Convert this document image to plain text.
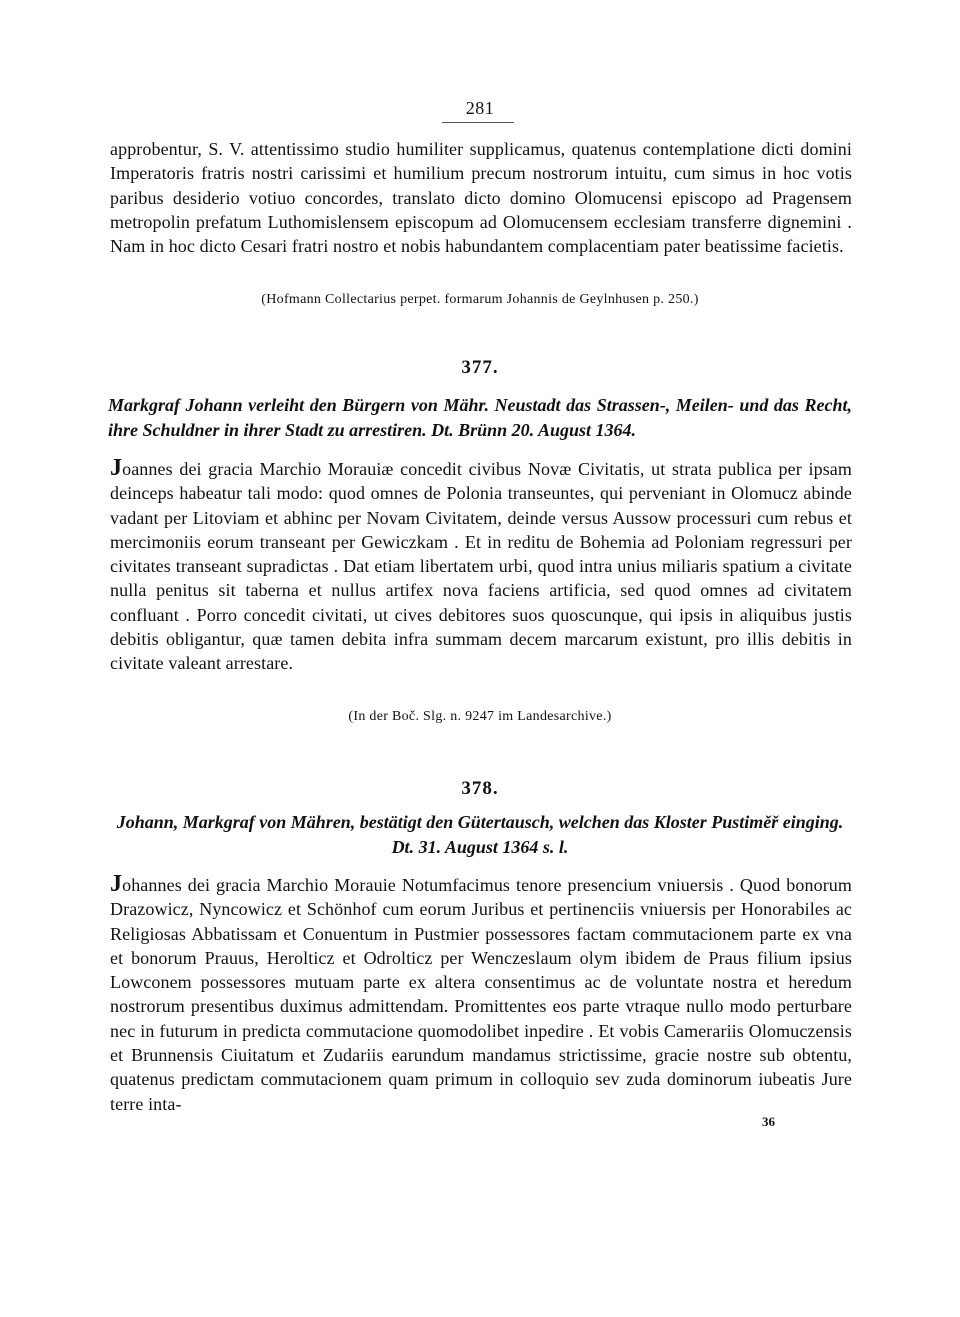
281

approbentur, S. V. attentissimo studio humiliter supplicamus, quatenus contemplatione dicti domini Imperatoris fratris nostri carissimi et humilium precum nostrorum intuitu, cum simus in hoc votis paribus desiderio votiuo concordes, translato dicto domino Olomucensi episcopo ad Pragensem metropolin prefatum Luthomislensem episcopum ad Olomucensem ecclesiam transferre dignemini . Nam in hoc dicto Cesari fratri nostro et nobis habundantem complacentiam pater beatissime facietis.

(Hofmann Collectarius perpet. formarum Johannis de Geylnhusen p. 250.)

377.

Markgraf Johann verleiht den Bürgern von Mähr. Neustadt das Strassen-, Meilen- und das Recht, ihre Schuldner in ihrer Stadt zu arrestiren. Dt. Brünn 20. August 1364.

Joannes dei gracia Marchio Morauiæ concedit civibus Novæ Civitatis, ut strata publica per ipsam deinceps habeatur tali modo: quod omnes de Polonia transeuntes, qui perveniant in Olomucz abinde vadant per Litoviam et abhinc per Novam Civitatem, deinde versus Aussow processuri cum rebus et mercimoniis eorum transeant per Gewiczkam . Et in reditu de Bohemia ad Poloniam regressuri per civitates transeant supradictas . Dat etiam libertatem urbi, quod intra unius miliaris spatium a civitate nulla penitus sit taberna et nullus artifex nova faciens artificia, sed quod omnes ad civitatem confluant . Porro concedit civitati, ut cives debitores suos quoscunque, qui ipsis in aliquibus justis debitis obligantur, quæ tamen debita infra summam decem marcarum existunt, pro illis debitis in civitate valeant arrestare.

(In der Boč. Slg. n. 9247 im Landesarchive.)

378.

Johann, Markgraf von Mähren, bestätigt den Gütertausch, welchen das Kloster Pustiměř einging. Dt. 31. August 1364 s. l.

Johannes dei gracia Marchio Morauie Notumfacimus tenore presencium vniuersis . Quod bonorum Drazowicz, Nyncowicz et Schönhof cum eorum Juribus et pertinenciis vniuersis per Honorabiles ac Religiosas Abbatissam et Conuentum in Pustmier possessores factam commutacionem parte ex vna et bonorum Prauus, Herolticz et Odrolticz per Wenczeslaum olym ibidem de Praus filium ipsius Lowconem possessores mutuam parte ex altera consentimus ac de voluntate nostra et heredum nostrorum presentibus duximus admittendam. Promittentes eos parte vtraque nullo modo perturbare nec in futurum in predicta commutacione quomodolibet inpedire . Et vobis Camerariis Olomuczensis et Brunnensis Ciuitatum et Zudariis earundum mandamus strictissime, gracie nostre sub obtentu, quatenus predictam commutacionem quam primum in colloquio sev zuda dominorum iubeatis Jure terre inta-

36
